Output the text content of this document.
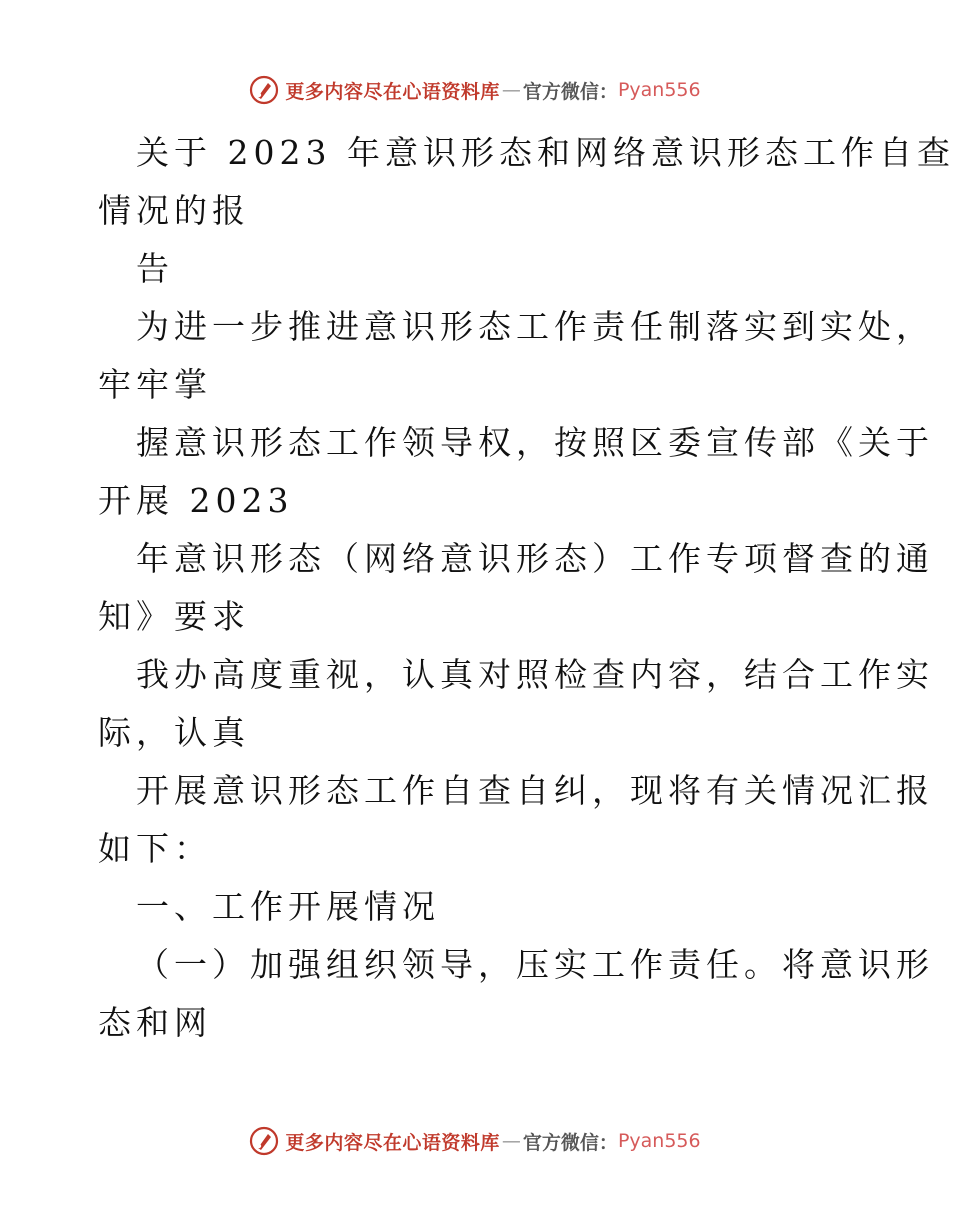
更多内容尽在心语资料库 — 官方微信： Pyan556
关于 2023 年意识形态和网络意识形态工作自查
情况的报
告
为进一步推进意识形态工作责任制落实到实处，
牢牢掌
握意识形态工作领导权，按照区委宣传部《关于
开展 2023
年意识形态（网络意识形态）工作专项督查的通
知》要求
我办高度重视，认真对照检查内容，结合工作实
际，认真
开展意识形态工作自查自纠，现将有关情况汇报
如下：
一、工作开展情况
（一）加强组织领导，压实工作责任。将意识形
态和网
更多内容尽在心语资料库 — 官方微信： Pyan556
